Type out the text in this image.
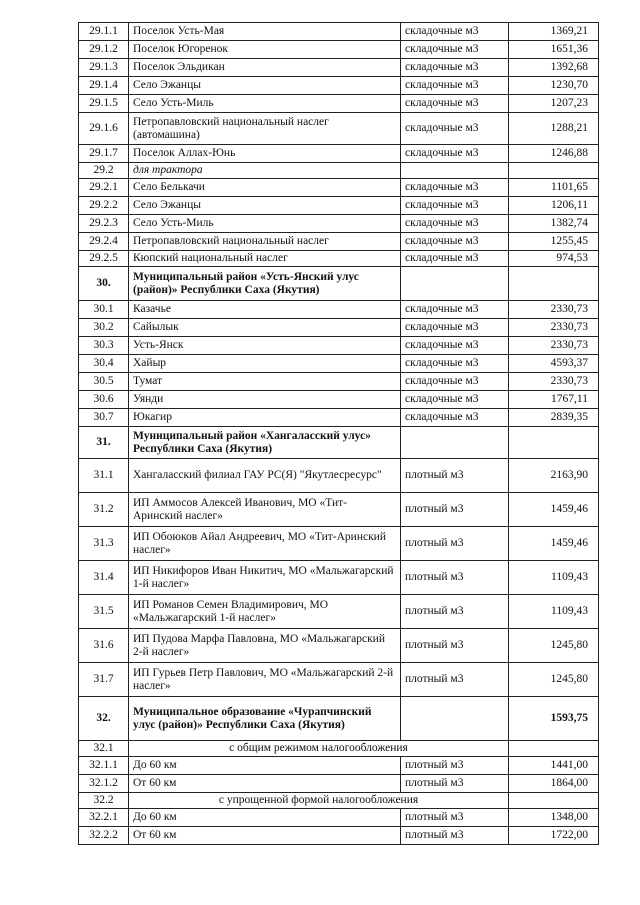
29.1.1	Поселок Усть-Мая	складочные м3	1369,21
29.1.2	Поселок Югоренок	складочные м3	1651,36
29.1.3	Поселок Эльдикан	складочные м3	1392,68
29.1.4	Село Эжанцы	складочные м3	1230,70
29.1.5	Село Усть-Миль	складочные м3	1207,23
29.1.6	Петропавловский национальный наслег (автомашина)	складочные м3	1288,21
29.1.7	Поселок Аллах-Юнь	складочные м3	1246,88
29.2	для трактора		
29.2.1	Село Белькачи	складочные м3	1101,65
29.2.2	Село Эжанцы	складочные м3	1206,11
29.2.3	Село Усть-Миль	складочные м3	1382,74
29.2.4	Петропавловский национальный наслег	складочные м3	1255,45
29.2.5	Кюпский национальный наслег	складочные м3	974,53
30.	Муниципальный район «Усть-Янский улус (район)» Республики Саха (Якутия)		
30.1	Казачье	складочные м3	2330,73
30.2	Сайылык	складочные м3	2330,73
30.3	Усть-Янск	складочные м3	2330,73
30.4	Хайыр	складочные м3	4593,37
30.5	Тумат	складочные м3	2330,73
30.6	Уянди	складочные м3	1767,11
30.7	Юкагир	складочные м3	2839,35
31.	Муниципальный район «Хангаласский улус» Республики Саха (Якутия)		
31.1	Хангаласский филиал ГАУ РС(Я) "Якутлесресурс"	плотный м3	2163,90
31.2	ИП Аммосов Алексей Иванович, МО «Тит-Аринский наслег»	плотный м3	1459,46
31.3	ИП Обоюков Айал Андреевич, МО «Тит-Аринский наслег»	плотный м3	1459,46
31.4	ИП Никифоров Иван Никитич, МО «Мальжагарский 1-й наслег»	плотный м3	1109,43
31.5	ИП Романов Семен Владимирович, МО «Мальжагарский 1-й наслег»	плотный м3	1109,43
31.6	ИП Пудова Марфа Павловна, МО «Мальжагарский 2-й наслег»	плотный м3	1245,80
31.7	ИП Гурьев Петр Павлович, МО «Мальжагарский 2-й наслег»	плотный м3	1245,80
32.	Муниципальное образование «Чурапчинский улус (район)» Республики Саха (Якутия)		1593,75
32.1	с общим режимом налогообложения		
32.1.1	До 60 км	плотный м3	1441,00
32.1.2	От 60 км	плотный м3	1864,00
32.2	с упрощенной формой налогообложения		
32.2.1	До 60 км	плотный м3	1348,00
32.2.2	От 60 км	плотный м3	1722,00
